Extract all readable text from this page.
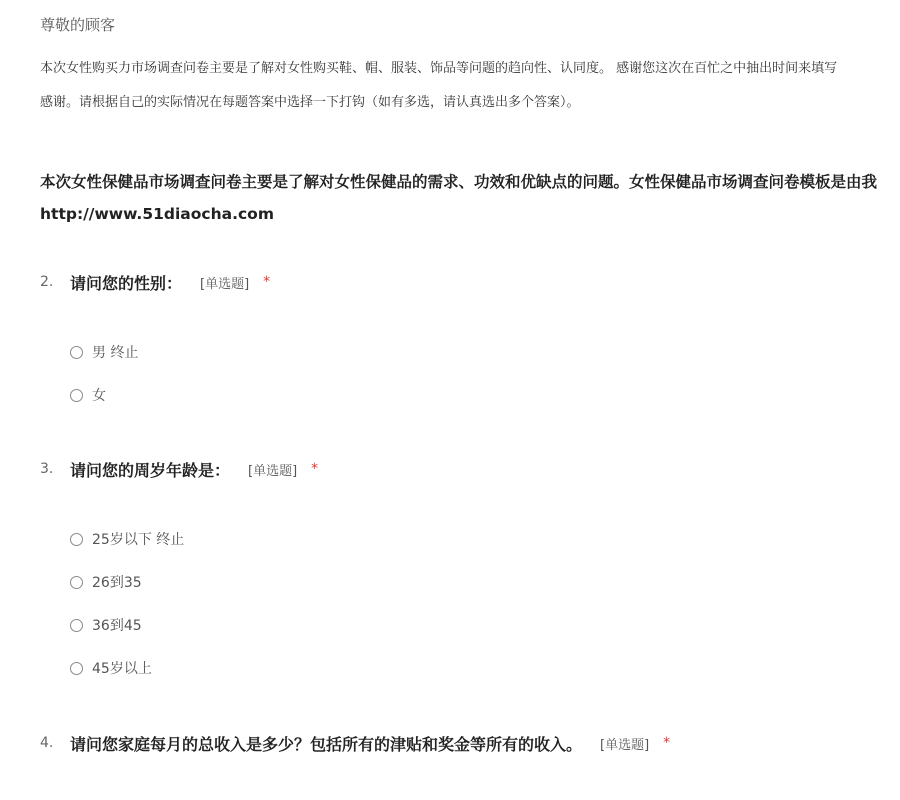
尊敬的顾客
本次女性购买力市场调查问卷主要是了解对女性购买鞋、帽、服装、饰品等问题的趋向性、认同度。 感谢您这次在百忙之中抽出时间来填写
感谢。请根据自己的实际情况在每题答案中选择一下打钩（如有多选，请认真选出多个答案）。
本次女性保健品市场调查问卷主要是了解对女性保健品的需求、功效和优缺点的问题。女性保健品市场调查问卷模板是由我
http://www.51diaocha.com
2.	请问您的性别： [单选题] *
男 终止
女
3.	请问您的周岁年龄是： [单选题] *
25岁以下 终止
26到35
36到45
45岁以上
4.	请问您家庭每月的总收入是多少？包括所有的津贴和奖金等所有的收入。 [单选题] *
